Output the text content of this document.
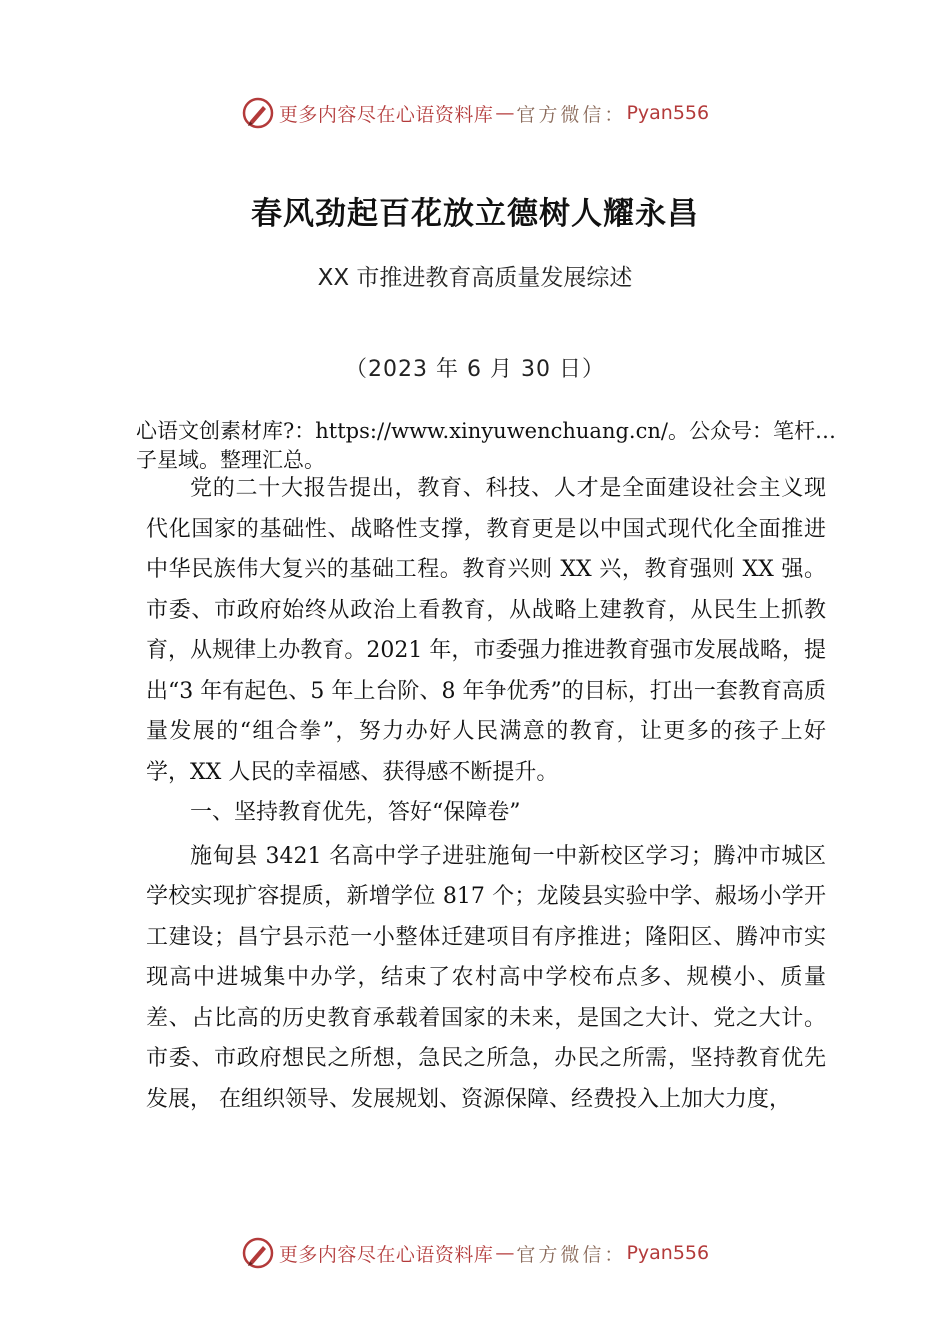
更多内容尽在心语资料库 — 官方微信： Pyan556
春风劲起百花放立德树人耀永昌
XX 市推进教育高质量发展综述
（2023 年 6 月 30 日）
心语文创素材库?：https://www.xinyuwenchuang.cn/。公众号：笔杆…子星域。整理汇总。

党的二十大报告提出，教育、科技、人才是全面建设社会主义现代化国家的基础性、战略性支撑，教育更是以中国式现代化全面推进中华民族伟大复兴的基础工程。教育兴则 XX 兴，教育强则 XX 强。市委、市政府始终从政治上看教育，从战略上建教育，从民生上抓教育，从规律上办教育。2021 年，市委强力推进教育强市发展战略，提出“3 年有起色、5 年上台阶、8 年争优秀”的目标，打出一套教育高质量发展的“组合拳”，努力办好人民满意的教育，让更多的孩子上好学，XX 人民的幸福感、获得感不断提升。

一、坚持教育优先，答好“保障卷”

施甸县 3421 名高中学子进驻施甸一中新校区学习；腾冲市城区学校实现扩容提质，新增学位 817 个；龙陵县实验中学、赧场小学开工建设；昌宁县示范一小整体迁建项目有序推进；隆阳区、腾冲市实现高中进城集中办学，结束了农村高中学校布点多、规模小、质量差、占比高的历史教育承载着国家的未来，是国之大计、党之大计。市委、市政府想民之所想，急民之所急，办民之所需，坚持教育优先发展， 在组织领导、发展规划、资源保障、经费投入上加大力度，

更多内容尽在心语资料库 — 官方微信： Pyan556
